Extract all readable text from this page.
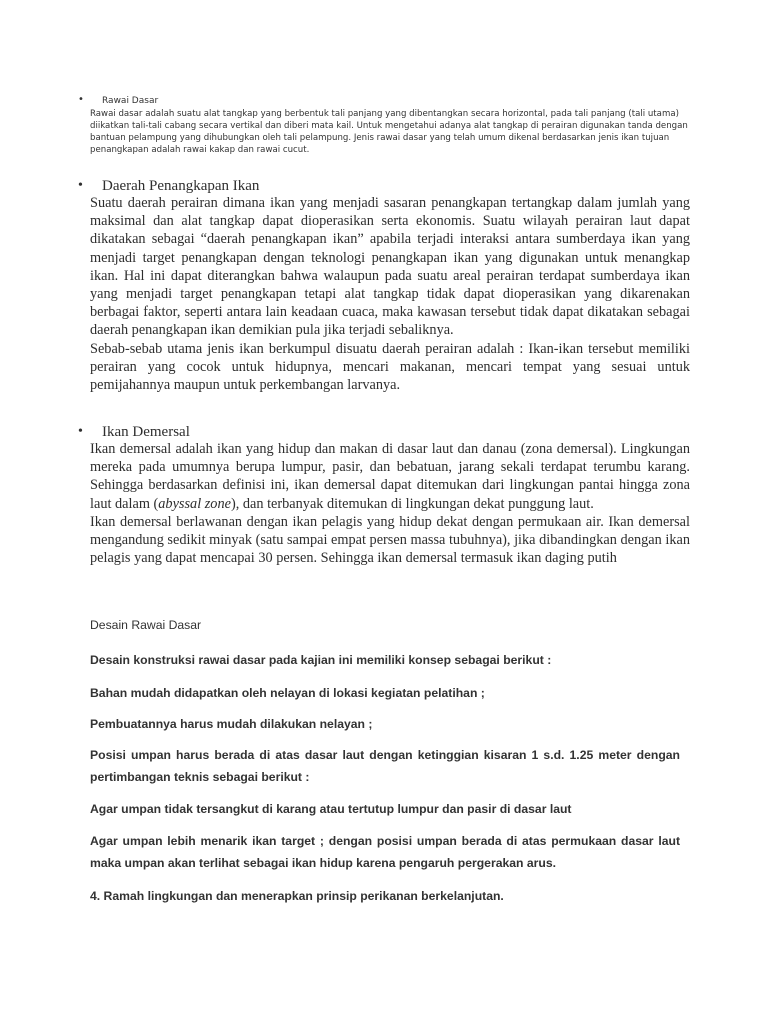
• Rawai Dasar
Rawai dasar adalah suatu alat tangkap yang berbentuk tali panjang yang dibentangkan secara horizontal, pada tali panjang (tali utama) diikatkan tali-tali cabang secara vertikal dan diberi mata kail. Untuk mengetahui adanya alat tangkap di perairan digunakan tanda dengan bantuan pelampung yang dihubungkan oleh tali pelampung. Jenis rawai dasar yang telah umum dikenal berdasarkan jenis ikan tujuan penangkapan adalah rawai kakap dan rawai cucut.
• Daerah Penangkapan Ikan

Suatu daerah perairan dimana ikan yang menjadi sasaran penangkapan tertangkap dalam jumlah yang maksimal dan alat tangkap dapat dioperasikan serta ekonomis. Suatu wilayah perairan laut dapat dikatakan sebagai “daerah penangkapan ikan” apabila terjadi interaksi antara sumberdaya ikan yang menjadi target penangkapan dengan teknologi penangkapan ikan yang digunakan untuk menangkap ikan. Hal ini dapat diterangkan bahwa walaupun pada suatu areal perairan terdapat sumberdaya ikan yang menjadi target penangkapan tetapi alat tangkap tidak dapat dioperasikan yang dikarenakan berbagai faktor, seperti antara lain keadaan cuaca, maka kawasan tersebut tidak dapat dikatakan sebagai daerah penangkapan ikan demikian pula jika terjadi sebaliknya.

Sebab-sebab utama jenis ikan berkumpul disuatu daerah perairan adalah : Ikan-ikan tersebut memiliki perairan yang cocok untuk hidupnya, mencari makanan, mencari tempat yang sesuai untuk pemijahannya maupun untuk perkembangan larvanya.

• Ikan Demersal

Ikan demersal adalah ikan yang hidup dan makan di dasar laut dan danau (zona demersal). Lingkungan mereka pada umumnya berupa lumpur, pasir, dan bebatuan, jarang sekali terdapat terumbu karang. Sehingga berdasarkan definisi ini, ikan demersal dapat ditemukan dari lingkungan pantai hingga zona laut dalam (abyssal zone), dan terbanyak ditemukan di lingkungan dekat punggung laut.

Ikan demersal berlawanan dengan ikan pelagis yang hidup dekat dengan permukaan air. Ikan demersal mengandung sedikit minyak (satu sampai empat persen massa tubuhnya), jika dibandingkan dengan ikan pelagis yang dapat mencapai 30 persen. Sehingga ikan demersal termasuk ikan daging putih

Desain Rawai Dasar
Desain konstruksi rawai dasar pada kajian ini memiliki konsep sebagai berikut :
Bahan mudah didapatkan oleh nelayan di lokasi kegiatan pelatihan ;
Pembuatannya harus mudah dilakukan nelayan ;
Posisi umpan harus berada di atas dasar laut dengan ketinggian kisaran 1 s.d. 1.25 meter dengan pertimbangan teknis sebagai berikut :
Agar umpan tidak tersangkut di karang atau tertutup lumpur dan pasir di dasar laut
Agar umpan lebih menarik ikan target ; dengan posisi umpan berada di atas permukaan dasar laut maka umpan akan terlihat sebagai ikan hidup karena pengaruh pergerakan arus.
4. Ramah lingkungan dan menerapkan prinsip perikanan berkelanjutan.
